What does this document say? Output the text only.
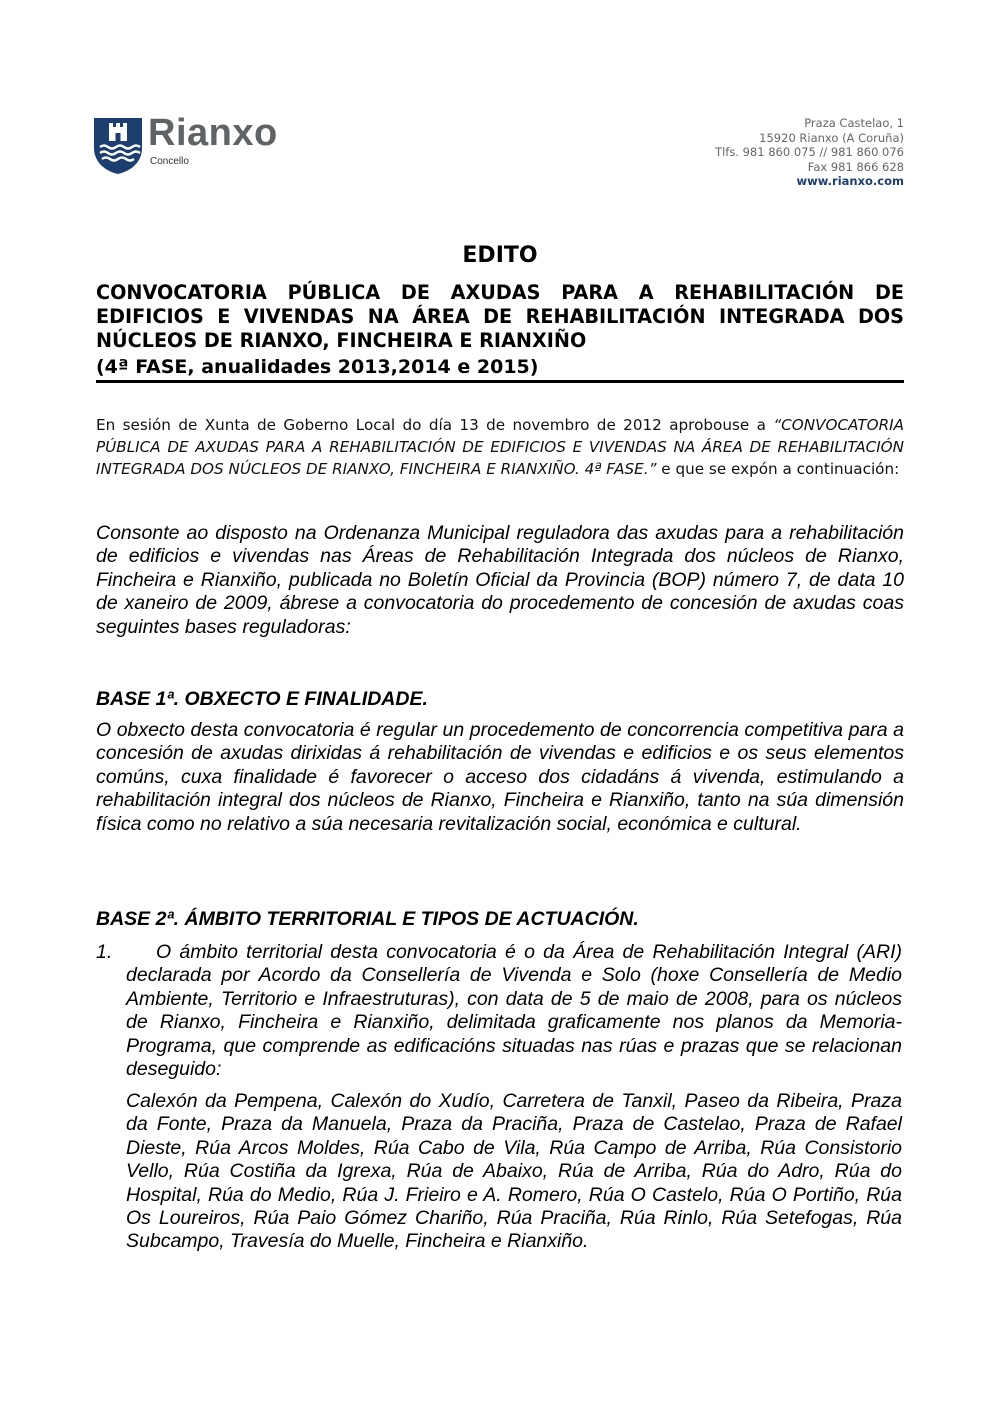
Rianxo
Concello
Praza Castelao, 1
15920 Rianxo (A Coruña)
Tlfs. 981 860 075 // 981 860 076
Fax 981 866 628
www.rianxo.com
EDITO
CONVOCATORIA PÚBLICA DE AXUDAS PARA A REHABILITACIÓN DE EDIFICIOS E VIVENDAS NA ÁREA DE REHABILITACIÓN INTEGRADA DOS NÚCLEOS DE RIANXO, FINCHEIRA E RIANXIÑO
(4ª FASE, anualidades 2013,2014 e 2015)
En sesión de Xunta de Goberno Local do día 13 de novembro de 2012 aprobouse a “CONVOCATORIA PÚBLICA DE AXUDAS PARA A REHABILITACIÓN DE EDIFICIOS E VIVENDAS NA ÁREA DE REHABILITACIÓN INTEGRADA DOS NÚCLEOS DE RIANXO, FINCHEIRA E RIANXIÑO. 4ª FASE.” e que se expón a continuación:
Consonte ao disposto na Ordenanza Municipal reguladora das axudas para a rehabilitación de edificios e vivendas nas Áreas de Rehabilitación Integrada dos núcleos de Rianxo, Fincheira e Rianxiño, publicada no Boletín Oficial da Provincia (BOP) número 7, de data 10 de xaneiro de 2009, ábrese a convocatoria do procedemento de concesión de axudas coas seguintes bases reguladoras:
BASE 1ª. OBXECTO E FINALIDADE.
O obxecto desta convocatoria é regular un procedemento de concorrencia competitiva para a concesión de axudas dirixidas á rehabilitación de vivendas e edificios e os seus elementos comúns, cuxa finalidade é favorecer o acceso dos cidadáns á vivenda, estimulando a rehabilitación integral dos núcleos de Rianxo, Fincheira e Rianxiño, tanto na súa dimensión física como no relativo a súa necesaria revitalización social, económica e cultural.
BASE 2ª. ÁMBITO TERRITORIAL E TIPOS DE ACTUACIÓN.
1.	O ámbito territorial desta convocatoria é o da Área de Rehabilitación Integral (ARI) declarada por Acordo da Consellería de Vivenda e Solo (hoxe Consellería de Medio Ambiente, Territorio e Infraestruturas), con data de 5 de maio de 2008, para os núcleos de Rianxo, Fincheira e Rianxiño, delimitada graficamente nos planos da Memoria-Programa, que comprende as edificacións situadas nas rúas e prazas que se relacionan deseguido:
Calexón da Pempena, Calexón do Xudío, Carretera de Tanxil, Paseo da Ribeira, Praza da Fonte, Praza da Manuela, Praza da Praciña, Praza de Castelao, Praza de Rafael Dieste, Rúa Arcos Moldes, Rúa Cabo de Vila, Rúa Campo de Arriba, Rúa Consistorio Vello, Rúa Costiña da Igrexa, Rúa de Abaixo, Rúa de Arriba, Rúa do Adro, Rúa do Hospital, Rúa do Medio, Rúa J. Frieiro e A. Romero, Rúa O Castelo, Rúa O Portiño, Rúa Os Loureiros, Rúa Paio Gómez Chariño, Rúa Praciña, Rúa Rinlo, Rúa Setefogas, Rúa Subcampo, Travesía do Muelle, Fincheira e Rianxiño.
